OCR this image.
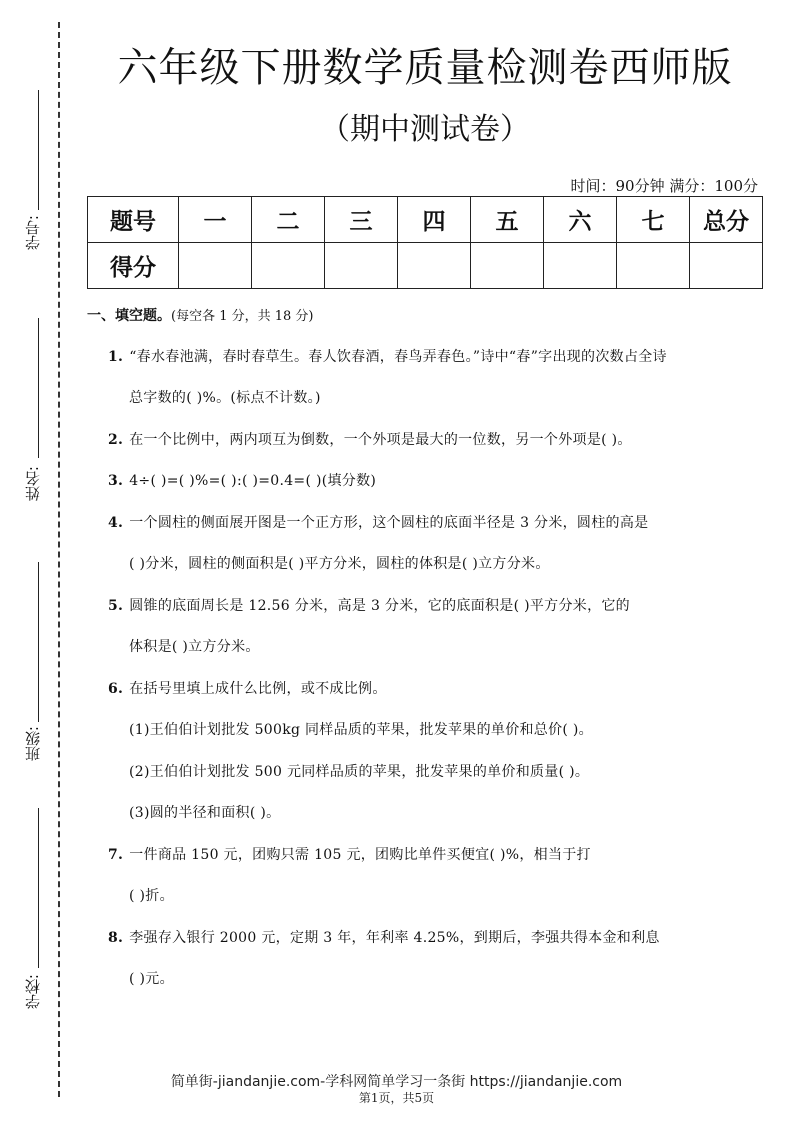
学号:
姓名:
班级:
学校:
六年级下册数学质量检测卷西师版
（期中测试卷）
时间：90分钟 满分：100分
题号	一	二	三	四	五	六	七	总分
得分								
一、填空题。(每空各 1 分，共 18 分)
1. “春水春池满，春时春草生。春人饮春酒，春鸟弄春色。”诗中“春”字出现的次数占全诗
总字数的( )%。(标点不计数。)
2. 在一个比例中，两内项互为倒数，一个外项是最大的一位数，另一个外项是( )。
3. 4÷( )=( )%=( ):( )=0.4=( )(填分数)
4. 一个圆柱的侧面展开图是一个正方形，这个圆柱的底面半径是 3 分米，圆柱的高是
( )分米，圆柱的侧面积是( )平方分米，圆柱的体积是( )立方分米。
5. 圆锥的底面周长是 12.56 分米，高是 3 分米，它的底面积是( )平方分米，它的
体积是( )立方分米。
6. 在括号里填上成什么比例，或不成比例。
(1)王伯伯计划批发 500kg 同样品质的苹果，批发苹果的单价和总价( )。
(2)王伯伯计划批发 500 元同样品质的苹果，批发苹果的单价和质量( )。
(3)圆的半径和面积( )。
7. 一件商品 150 元，团购只需 105 元，团购比单件买便宜( )%，相当于打
( )折。
8. 李强存入银行 2000 元，定期 3 年，年利率 4.25%，到期后，李强共得本金和利息
( )元。
简单街-jiandanjie.com-学科网简单学习一条街 https://jiandanjie.com
第1页，共5页
